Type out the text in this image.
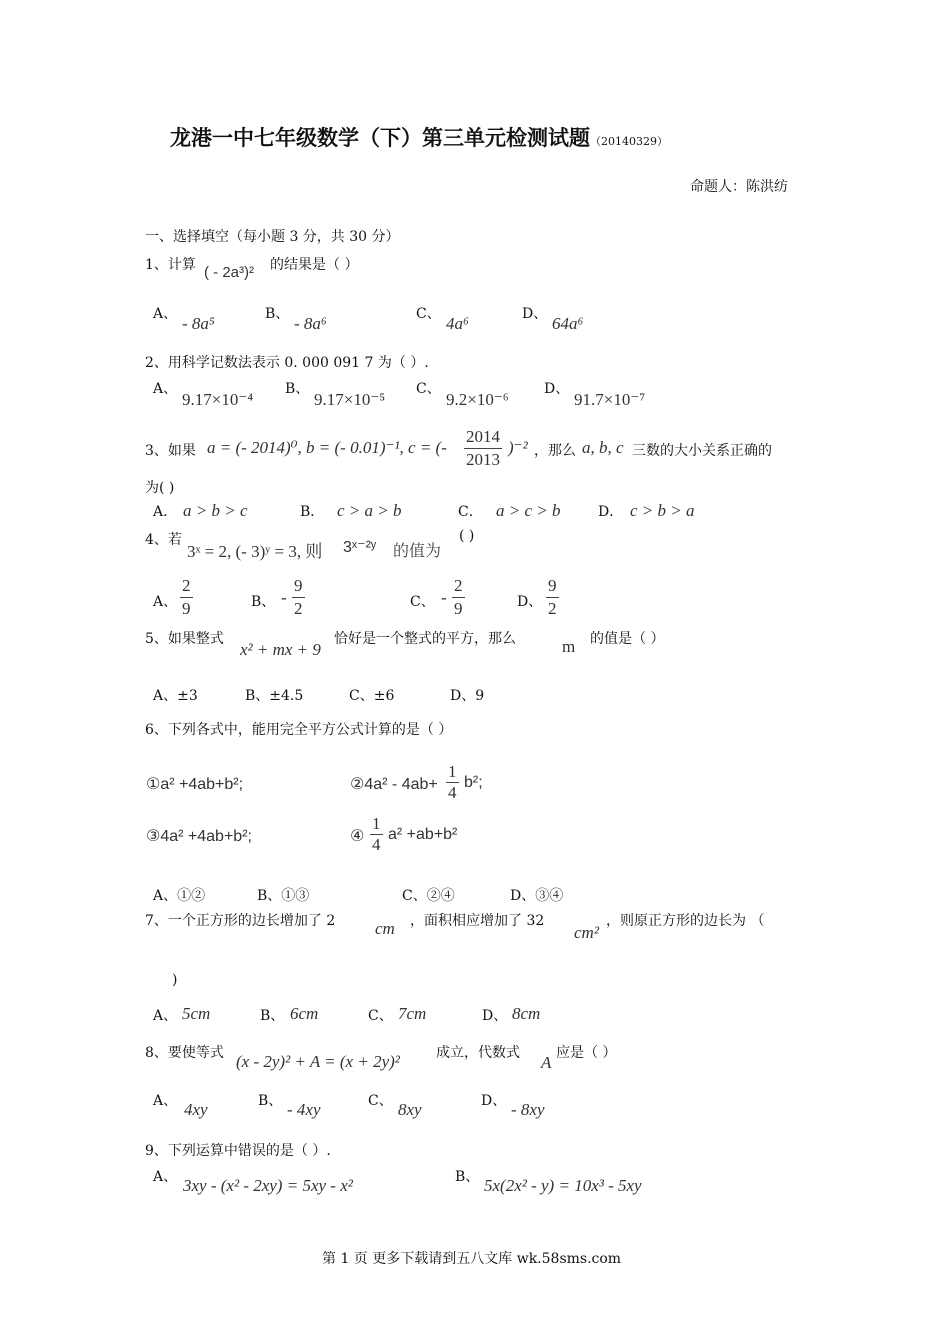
龙港一中七年级数学（下）第三单元检测试题（20140329）
命题人：陈洪纺
一、选择填空（每小题 3 分，共 30 分）
1、计算 ( - 2a³)² 的结果是（ ）
A、 - 8a⁵	B、 - 8a⁶	C、 4a⁶	D、 64a⁶
2、用科学记数法表示 0. 000 091 7 为（ ）.
A、
9.17×10⁻⁴
B、
9.17×10⁻⁵
C、
9.2×10⁻⁶
D、
91.7×10⁻⁷
3、如果 a = (- 2014)⁰, b = (- 0.01)⁻¹, c = (- $\frac{2014}{2013} )^{-2}$ ，那么 a, b, c 三数的大小关系正确的
为( )
A． a > b > c	B． c > a > b	C． a > c > b	D． c > b > a
4、若
3ˣ = 2, (- 3)ʸ = 3, 则 3ˣ⁻²ʸ 的值为
( )
A、 $\frac{2}{9}$	B、 - $\frac{9}{2}$	C、 - $\frac{2}{9}$	D、 $\frac{9}{2}$
5、如果整式
x² + mx + 9
恰好是一个整式的平方，那么	m 的值是（ ）
A、±3	B、±4.5	C、±6	D、9
6、下列各式中，能用完全平方公式计算的是（ ）
①a² +4ab+b²;	②4a² - $4ab+ \frac{1}{4} b^2$;
③4a² +4ab+b²;	④ $\frac{1}{4} a^2 +ab+b^2$
A、①②	B、①③	C、②④	D、③④
7、一个正方形的边长增加了 2 cm ，面积相应增加了 32
cm²
，则原正方形的边长为 （
)
A、 5cm	B、 6cm	C、 7cm	D、 8cm
8、要使等式 (x - 2y)² + A = (x + 2y)²	成立，代数式 A 应是（ ）
A、 4xy	B、 - 4xy	C、 8xy	D、 - 8xy
9、下列运算中错误的是（ ）.
A、 3xy - (x² - 2xy) = 5xy - x²	B、 5x(2x² - y) = 10x³ - 5xy
第 1 页 更多下载请到五八文库 wk.58sms.com
